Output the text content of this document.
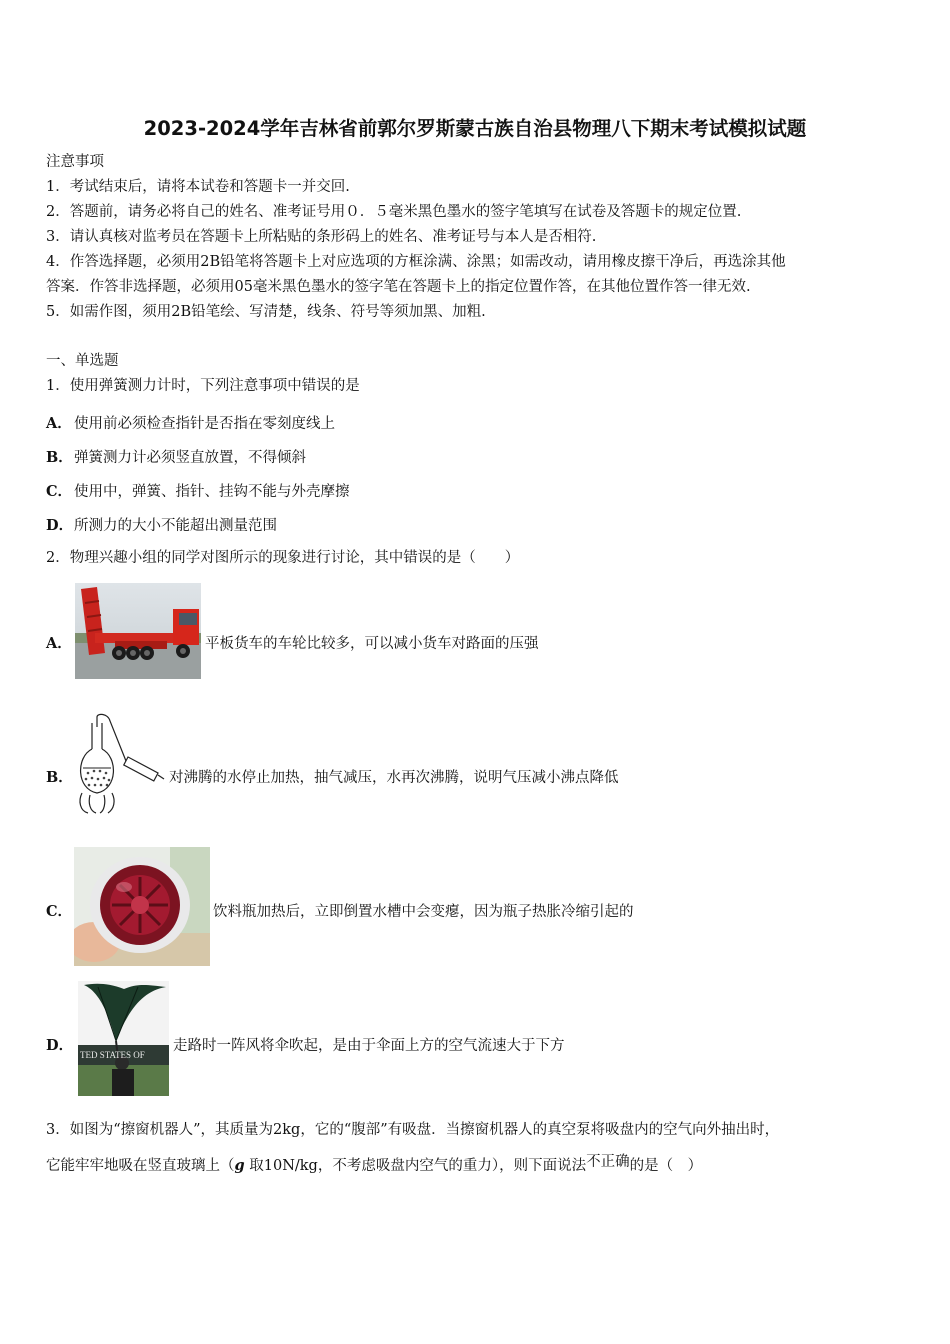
2023-2024学年吉林省前郭尔罗斯蒙古族自治县物理八下期末考试模拟试题
注意事项
1．考试结束后，请将本试卷和答题卡一并交回.
2．答题前，请务必将自己的姓名、准考证号用０．５毫米黑色墨水的签字笔填写在试卷及答题卡的规定位置.
3．请认真核对监考员在答题卡上所粘贴的条形码上的姓名、准考证号与本人是否相符.
4．作答选择题，必须用2B铅笔将答题卡上对应选项的方框涂满、涂黑；如需改动，请用橡皮擦干净后，再选涂其他
答案．作答非选择题，必须用05毫米黑色墨水的签字笔在答题卡上的指定位置作答，在其他位置作答一律无效.
5．如需作图，须用2B铅笔绘、写清楚，线条、符号等须加黑、加粗.
一、单选题
1．使用弹簧测力计时，下列注意事项中错误的是
A． 使用前必须检查指针是否指在零刻度线上
B． 弹簧测力计必须竖直放置，不得倾斜
C． 使用中，弹簧、指针、挂钩不能与外壳摩擦
D． 所测力的大小不能超出测量范围
2．物理兴趣小组的同学对图所示的现象进行讨论，其中错误的是（　　）
A．	平板货车的车轮比较多，可以减小货车对路面的压强
B．	对沸腾的水停止加热，抽气减压，水再次沸腾，说明气压减小沸点降低
C．	饮料瓶加热后，立即倒置水槽中会变瘪，因为瓶子热胀冷缩引起的
D．
TED STATES OF
走路时一阵风将伞吹起，是由于伞面上方的空气流速大于下方
3．如图为“擦窗机器人”，其质量为2kg，它的“腹部”有吸盘．当擦窗机器人的真空泵将吸盘内的空气向外抽出时，
它能牢牢地吸在竖直玻璃上（g 取10N/kg，不考虑吸盘内空气的重力），则下面说法不正确的是（　）
